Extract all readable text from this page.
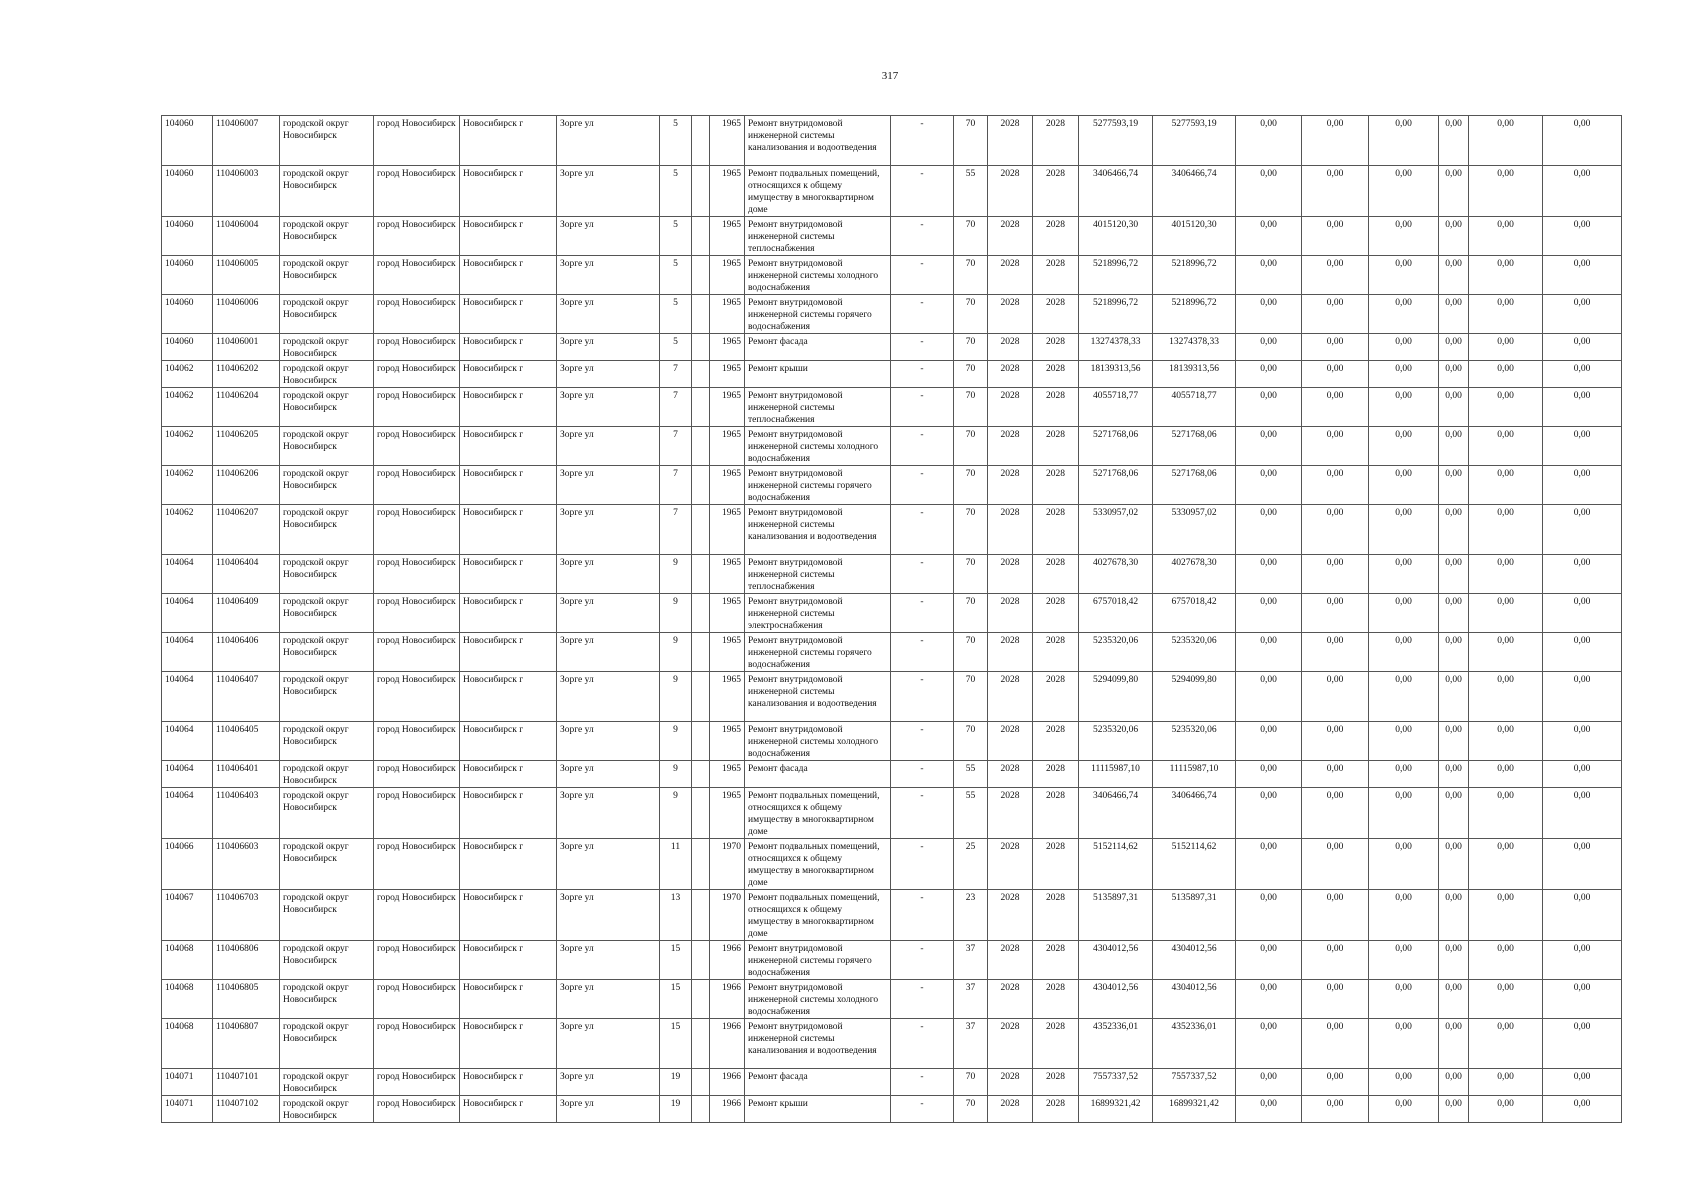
317
104060	110406007	городской округ Новосибирск	город Новосибирск	Новосибирск г	Зорге ул	5		1965	Ремонт внутридомовой инженерной системы канализования и водоотведения	-	70	2028	2028	5277593,19	5277593,19	0,00	0,00	0,00	0,00	0,00	0,00
104060	110406003	городской округ Новосибирск	город Новосибирск	Новосибирск г	Зорге ул	5		1965	Ремонт подвальных помещений, относящихся к общему имуществу в многоквартирном доме	-	55	2028	2028	3406466,74	3406466,74	0,00	0,00	0,00	0,00	0,00	0,00
104060	110406004	городской округ Новосибирск	город Новосибирск	Новосибирск г	Зорге ул	5		1965	Ремонт внутридомовой инженерной системы теплоснабжения	-	70	2028	2028	4015120,30	4015120,30	0,00	0,00	0,00	0,00	0,00	0,00
104060	110406005	городской округ Новосибирск	город Новосибирск	Новосибирск г	Зорге ул	5		1965	Ремонт внутридомовой инженерной системы холодного водоснабжения	-	70	2028	2028	5218996,72	5218996,72	0,00	0,00	0,00	0,00	0,00	0,00
104060	110406006	городской округ Новосибирск	город Новосибирск	Новосибирск г	Зорге ул	5		1965	Ремонт внутридомовой инженерной системы горячего водоснабжения	-	70	2028	2028	5218996,72	5218996,72	0,00	0,00	0,00	0,00	0,00	0,00
104060	110406001	городской округ Новосибирск	город Новосибирск	Новосибирск г	Зорге ул	5		1965	Ремонт фасада	-	70	2028	2028	13274378,33	13274378,33	0,00	0,00	0,00	0,00	0,00	0,00
104062	110406202	городской округ Новосибирск	город Новосибирск	Новосибирск г	Зорге ул	7		1965	Ремонт крыши	-	70	2028	2028	18139313,56	18139313,56	0,00	0,00	0,00	0,00	0,00	0,00
104062	110406204	городской округ Новосибирск	город Новосибирск	Новосибирск г	Зорге ул	7		1965	Ремонт внутридомовой инженерной системы теплоснабжения	-	70	2028	2028	4055718,77	4055718,77	0,00	0,00	0,00	0,00	0,00	0,00
104062	110406205	городской округ Новосибирск	город Новосибирск	Новосибирск г	Зорге ул	7		1965	Ремонт внутридомовой инженерной системы холодного водоснабжения	-	70	2028	2028	5271768,06	5271768,06	0,00	0,00	0,00	0,00	0,00	0,00
104062	110406206	городской округ Новосибирск	город Новосибирск	Новосибирск г	Зорге ул	7		1965	Ремонт внутридомовой инженерной системы горячего водоснабжения	-	70	2028	2028	5271768,06	5271768,06	0,00	0,00	0,00	0,00	0,00	0,00
104062	110406207	городской округ Новосибирск	город Новосибирск	Новосибирск г	Зорге ул	7		1965	Ремонт внутридомовой инженерной системы канализования и водоотведения	-	70	2028	2028	5330957,02	5330957,02	0,00	0,00	0,00	0,00	0,00	0,00
104064	110406404	городской округ Новосибирск	город Новосибирск	Новосибирск г	Зорге ул	9		1965	Ремонт внутридомовой инженерной системы теплоснабжения	-	70	2028	2028	4027678,30	4027678,30	0,00	0,00	0,00	0,00	0,00	0,00
104064	110406409	городской округ Новосибирск	город Новосибирск	Новосибирск г	Зорге ул	9		1965	Ремонт внутридомовой инженерной системы электроснабжения	-	70	2028	2028	6757018,42	6757018,42	0,00	0,00	0,00	0,00	0,00	0,00
104064	110406406	городской округ Новосибирск	город Новосибирск	Новосибирск г	Зорге ул	9		1965	Ремонт внутридомовой инженерной системы горячего водоснабжения	-	70	2028	2028	5235320,06	5235320,06	0,00	0,00	0,00	0,00	0,00	0,00
104064	110406407	городской округ Новосибирск	город Новосибирск	Новосибирск г	Зорге ул	9		1965	Ремонт внутридомовой инженерной системы канализования и водоотведения	-	70	2028	2028	5294099,80	5294099,80	0,00	0,00	0,00	0,00	0,00	0,00
104064	110406405	городской округ Новосибирск	город Новосибирск	Новосибирск г	Зорге ул	9		1965	Ремонт внутридомовой инженерной системы холодного водоснабжения	-	70	2028	2028	5235320,06	5235320,06	0,00	0,00	0,00	0,00	0,00	0,00
104064	110406401	городской округ Новосибирск	город Новосибирск	Новосибирск г	Зорге ул	9		1965	Ремонт фасада	-	55	2028	2028	11115987,10	11115987,10	0,00	0,00	0,00	0,00	0,00	0,00
104064	110406403	городской округ Новосибирск	город Новосибирск	Новосибирск г	Зорге ул	9		1965	Ремонт подвальных помещений, относящихся к общему имуществу в многоквартирном доме	-	55	2028	2028	3406466,74	3406466,74	0,00	0,00	0,00	0,00	0,00	0,00
104066	110406603	городской округ Новосибирск	город Новосибирск	Новосибирск г	Зорге ул	11		1970	Ремонт подвальных помещений, относящихся к общему имуществу в многоквартирном доме	-	25	2028	2028	5152114,62	5152114,62	0,00	0,00	0,00	0,00	0,00	0,00
104067	110406703	городской округ Новосибирск	город Новосибирск	Новосибирск г	Зорге ул	13		1970	Ремонт подвальных помещений, относящихся к общему имуществу в многоквартирном доме	-	23	2028	2028	5135897,31	5135897,31	0,00	0,00	0,00	0,00	0,00	0,00
104068	110406806	городской округ Новосибирск	город Новосибирск	Новосибирск г	Зорге ул	15		1966	Ремонт внутридомовой инженерной системы горячего водоснабжения	-	37	2028	2028	4304012,56	4304012,56	0,00	0,00	0,00	0,00	0,00	0,00
104068	110406805	городской округ Новосибирск	город Новосибирск	Новосибирск г	Зорге ул	15		1966	Ремонт внутридомовой инженерной системы холодного водоснабжения	-	37	2028	2028	4304012,56	4304012,56	0,00	0,00	0,00	0,00	0,00	0,00
104068	110406807	городской округ Новосибирск	город Новосибирск	Новосибирск г	Зорге ул	15		1966	Ремонт внутридомовой инженерной системы канализования и водоотведения	-	37	2028	2028	4352336,01	4352336,01	0,00	0,00	0,00	0,00	0,00	0,00
104071	110407101	городской округ Новосибирск	город Новосибирск	Новосибирск г	Зорге ул	19		1966	Ремонт фасада	-	70	2028	2028	7557337,52	7557337,52	0,00	0,00	0,00	0,00	0,00	0,00
104071	110407102	городской округ Новосибирск	город Новосибирск	Новосибирск г	Зорге ул	19		1966	Ремонт крыши	-	70	2028	2028	16899321,42	16899321,42	0,00	0,00	0,00	0,00	0,00	0,00
